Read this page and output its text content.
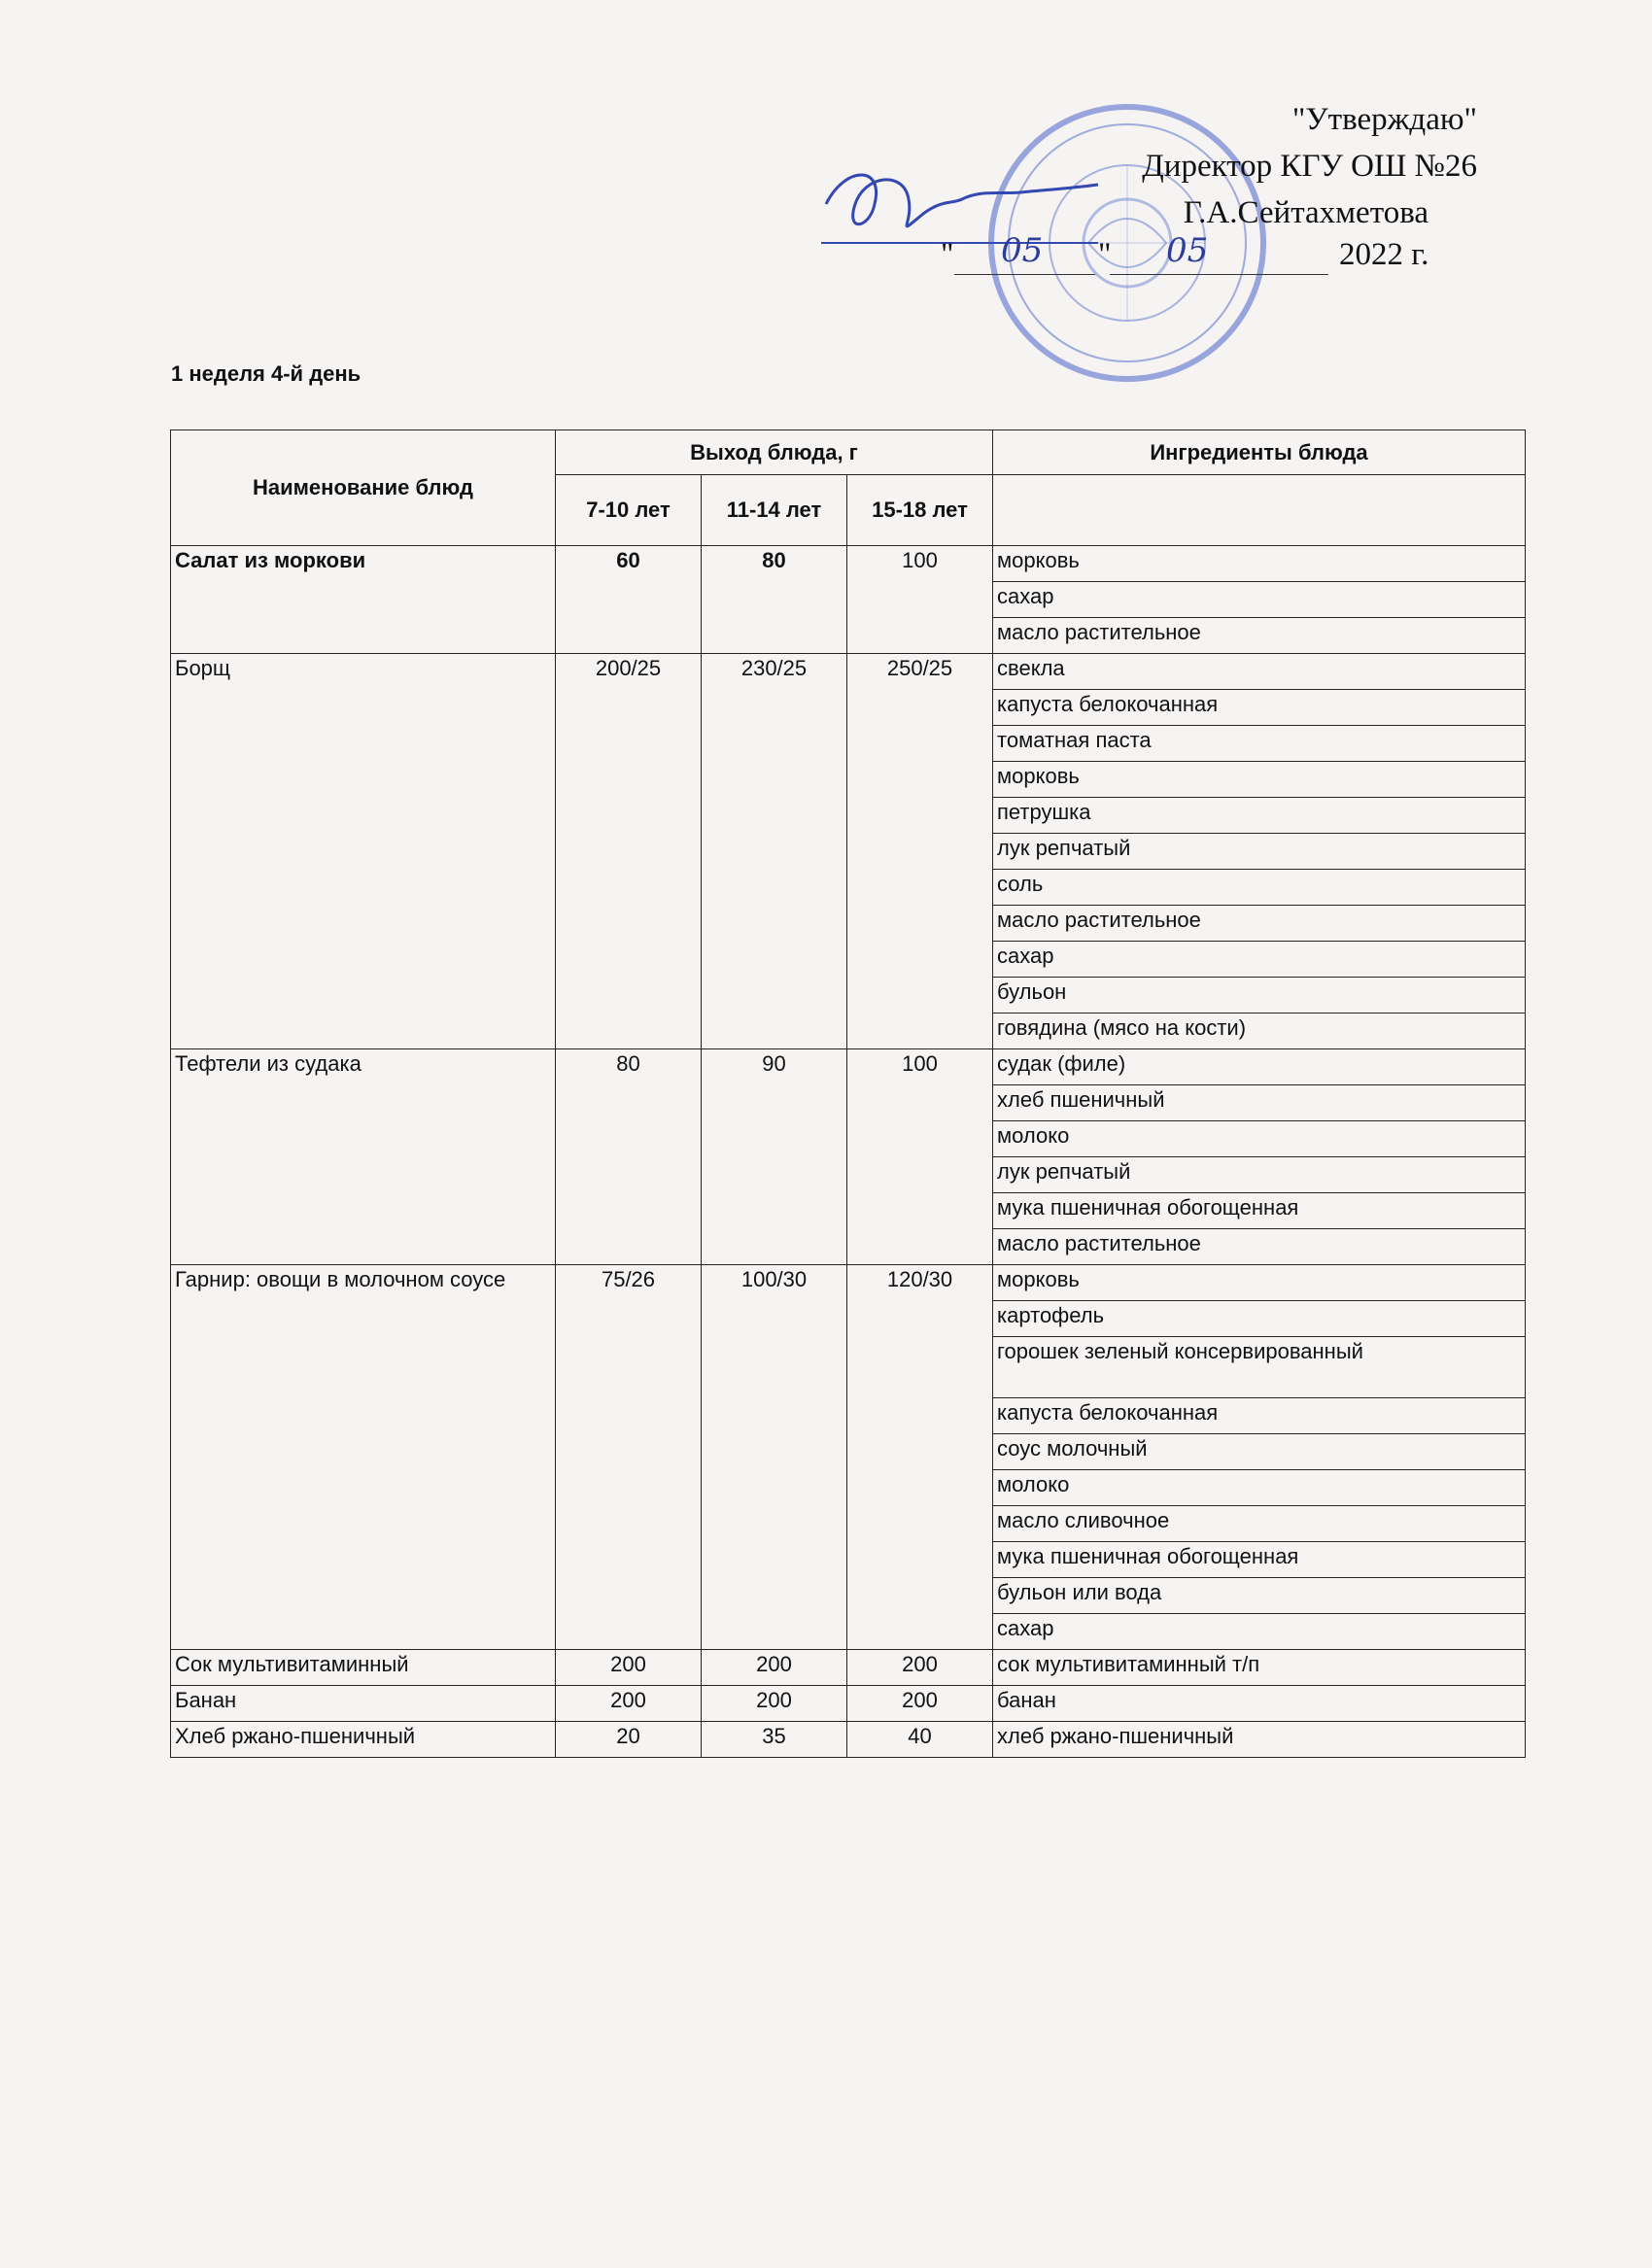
"Утверждаю"
Директор КГУ ОШ №26
Г.А.Сейтахметова
" 05 " 05	2022 г.
1 неделя 4-й день
Наименование блюд	Выход блюда, г			Ингредиенты блюда
	7-10 лет	11-14 лет	15-18 лет	
Салат из моркови	60	80	100	морковь
				сахар
				масло растительное
Борщ	200/25	230/25	250/25	свекла
				капуста белокочанная
				томатная паста
				морковь
				петрушка
				лук репчатый
				соль
				масло растительное
				сахар
				бульон
				говядина (мясо на кости)
Тефтели из судака	80	90	100	судак (филе)
				хлеб пшеничный
				молоко
				лук репчатый
				мука пшеничная обогощенная
				масло растительное
Гарнир: овощи в молочном соусе	75/26	100/30	120/30	морковь
				картофель
				горошек зеленый консервированный
				капуста белокочанная
				соус молочный
				молоко
				масло сливочное
				мука пшеничная обогощенная
				бульон или вода
				сахар
Сок мультивитаминный	200	200	200	сок мультивитаминный т/п
Банан	200	200	200	банан
Хлеб ржано-пшеничный	20	35	40	хлеб ржано-пшеничный
